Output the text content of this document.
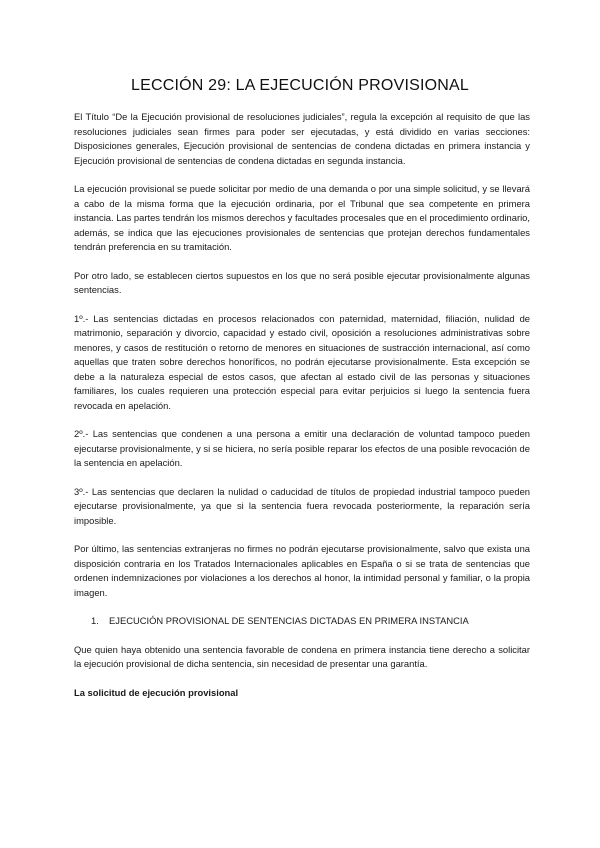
LECCIÓN 29: LA EJECUCIÓN PROVISIONAL

El Título “De la Ejecución provisional de resoluciones judiciales”, regula la excepción al requisito de que las resoluciones judiciales sean firmes para poder ser ejecutadas, y está dividido en varias secciones: Disposiciones generales, Ejecución provisional de sentencias de condena dictadas en primera instancia y Ejecución provisional de sentencias de condena dictadas en segunda instancia.

La ejecución provisional se puede solicitar por medio de una demanda o por una simple solicitud, y se llevará a cabo de la misma forma que la ejecución ordinaria, por el Tribunal que sea competente en primera instancia. Las partes tendrán los mismos derechos y facultades procesales que en el procedimiento ordinario, además, se indica que las ejecuciones provisionales de sentencias que protejan derechos fundamentales tendrán preferencia en su tramitación.

Por otro lado, se establecen ciertos supuestos en los que no será posible ejecutar provisionalmente algunas sentencias.

1º.- Las sentencias dictadas en procesos relacionados con paternidad, maternidad, filiación, nulidad de matrimonio, separación y divorcio, capacidad y estado civil, oposición a resoluciones administrativas sobre menores, y casos de restitución o retorno de menores en situaciones de sustracción internacional, así como aquellas que traten sobre derechos honoríficos, no podrán ejecutarse provisionalmente. Esta excepción se debe a la naturaleza especial de estos casos, que afectan al estado civil de las personas y situaciones familiares, los cuales requieren una protección especial para evitar perjuicios si luego la sentencia fuera revocada en apelación.

2º.- Las sentencias que condenen a una persona a emitir una declaración de voluntad tampoco pueden ejecutarse provisionalmente, y si se hiciera, no sería posible reparar los efectos de una posible revocación de la sentencia en apelación.

3º.- Las sentencias que declaren la nulidad o caducidad de títulos de propiedad industrial tampoco pueden ejecutarse provisionalmente, ya que si la sentencia fuera revocada posteriormente, la reparación sería imposible.

Por último, las sentencias extranjeras no firmes no podrán ejecutarse provisionalmente, salvo que exista una disposición contraria en los Tratados Internacionales aplicables en España o si se trata de sentencias que ordenen indemnizaciones por violaciones a los derechos al honor, la intimidad personal y familiar, o la propia imagen.

1. EJECUCIÓN PROVISIONAL DE SENTENCIAS DICTADAS EN PRIMERA INSTANCIA

Que quien haya obtenido una sentencia favorable de condena en primera instancia tiene derecho a solicitar la ejecución provisional de dicha sentencia, sin necesidad de presentar una garantía.

La solicitud de ejecución provisional
